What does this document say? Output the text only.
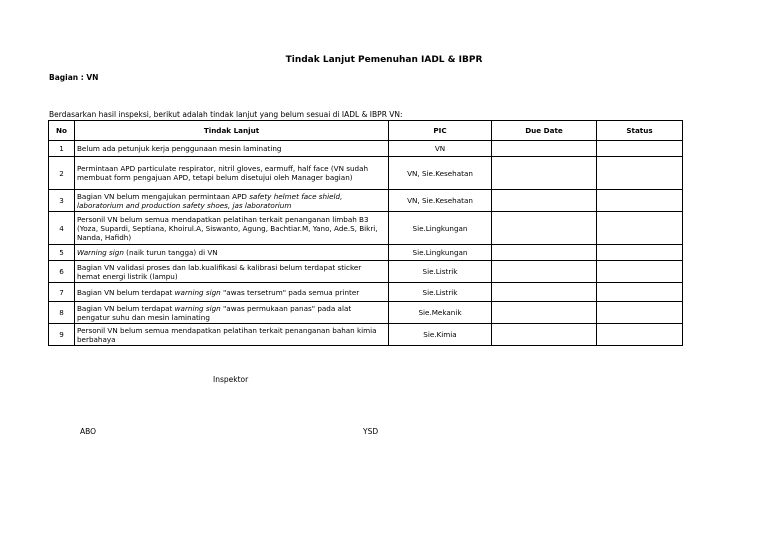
Tindak Lanjut Pemenuhan IADL & IBPR
Bagian : VN
Berdasarkan hasil inspeksi, berikut adalah tindak lanjut yang belum sesuai di IADL & IBPR VN:
No	Tindak Lanjut	PIC	Due Date	Status
1	Belum ada petunjuk kerja penggunaan mesin laminating	VN		
2	Permintaan APD particulate respirator, nitril gloves, earmuff, half face (VN sudah membuat form pengajuan APD, tetapi belum disetujui oleh Manager bagian)	VN, Sie.Kesehatan		
3	Bagian VN belum mengajukan permintaan APD safety helmet face shield, laboratorium and production safety shoes, jas laboratorium	VN, Sie.Kesehatan		
4	Personil VN belum semua mendapatkan pelatihan terkait penanganan limbah B3 (Yoza, Supardi, Septiana, Khoirul.A, Siswanto, Agung, Bachtiar.M, Yano, Ade.S, Bikri, Nanda, Hafidh)	Sie.Lingkungan		
5	Warning sign (naik turun tangga) di VN	Sie.Lingkungan		
6	Bagian VN validasi proses dan lab.kualifikasi & kalibrasi belum terdapat sticker hemat energi listrik (lampu)	Sie.Listrik		
7	Bagian VN belum terdapat warning sign "awas tersetrum" pada semua printer	Sie.Listrik		
8	Bagian VN belum terdapat warning sign "awas permukaan panas" pada alat pengatur suhu dan mesin laminating	Sie.Mekanik		
9	Personil VN belum semua mendapatkan pelatihan terkait penanganan bahan kimia berbahaya	Sie.Kimia		
Inspektor
ABO	YSD
